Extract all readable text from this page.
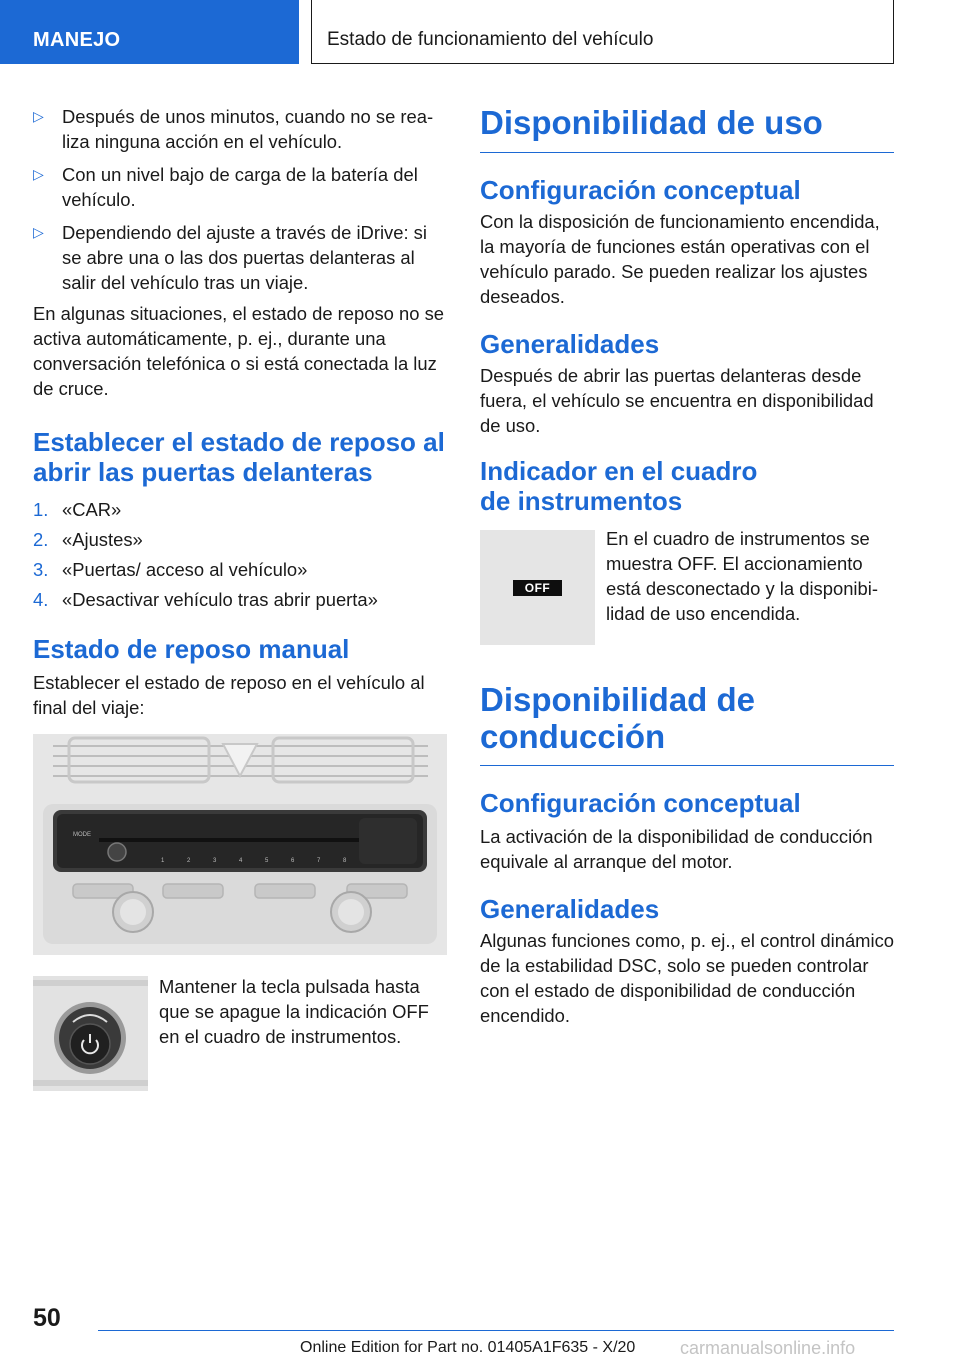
MANEJO	Estado de funcionamiento del vehículo
▷ Después de unos minutos, cuando no se realiza ninguna acción en el vehículo.
▷ Con un nivel bajo de carga de la batería del vehículo.
▷ Dependiendo del ajuste a través de iDrive: si se abre una o las dos puertas delanteras al salir del vehículo tras un viaje.

En algunas situaciones, el estado de reposo no se activa automáticamente, p. ej., durante una conversación telefónica o si está conectada la luz de cruce.

Establecer el estado de reposo al abrir las puertas delanteras
1. «CAR»
2. «Ajustes»
3. «Puertas/ acceso al vehículo»
4. «Desactivar vehículo tras abrir puerta»
Estado de reposo manual

Establecer el estado de reposo en el vehículo al final del viaje:

MODE
1	2	3	4	5	6	7	8

Mantener la tecla pulsada hasta que se apague la indicación OFF en el cuadro de instrumentos.

Disponibilidad de uso
Configuración conceptual

Con la disposición de funcionamiento encendida, la mayoría de funciones están operativas con el vehículo parado. Se pueden realizar los ajustes deseados.

Generalidades

Después de abrir las puertas delanteras desde fuera, el vehículo se encuentra en disponibilidad de uso.

Indicador en el cuadro
de instrumentos
OFF

En el cuadro de instrumentos se muestra OFF. El accionamiento está desconectado y la disponibilidad de uso encendida.

Disponibilidad de
conducción
Configuración conceptual

La activación de la disponibilidad de conducción equivale al arranque del motor.

Generalidades

Algunas funciones como, p. ej., el control dinámico de la estabilidad DSC, solo se pueden controlar con el estado de disponibilidad de conducción encendido.

50
Online Edition for Part no. 01405A1F635 - X/20 carmanualsonline.info
